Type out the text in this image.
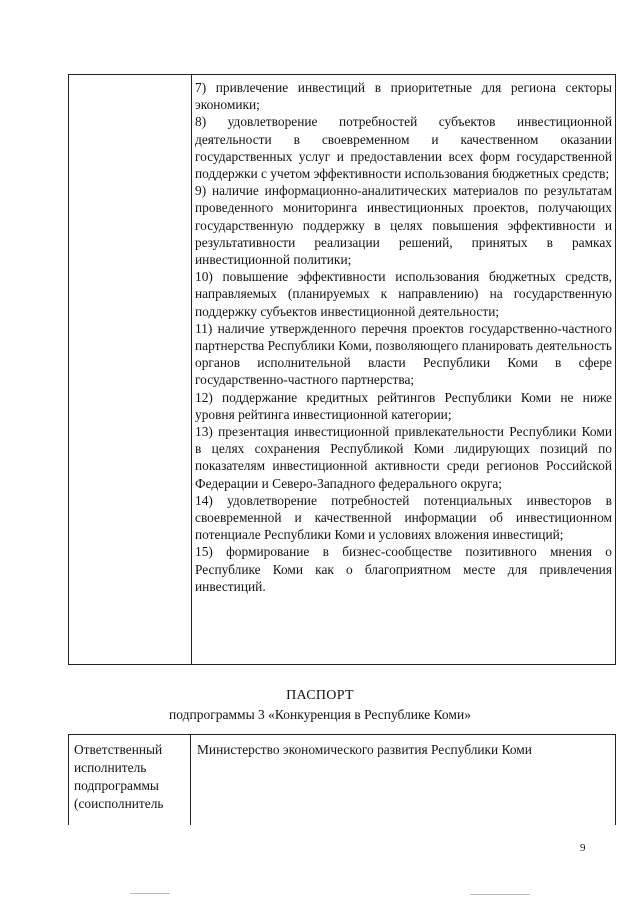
7) привлечение инвестиций в приоритетные для региона секторы экономики;

8) удовлетворение потребностей субъектов инвестиционной деятельности в своевременном и качественном оказании государственных услуг и предоставлении всех форм государственной поддержки с учетом эффективности использования бюджетных средств;

9) наличие информационно-аналитических материалов по результатам проведенного мониторинга инвестиционных проектов, получающих государственную поддержку в целях повышения эффективности и результативности реализации решений, принятых в рамках инвестиционной политики;

10) повышение эффективности использования бюджетных средств, направляемых (планируемых к направлению) на государственную поддержку субъектов инвестиционной деятельности;

11) наличие утвержденного перечня проектов государственно-частного партнерства Республики Коми, позволяющего планировать деятельность органов исполнительной власти Республики Коми в сфере государственно-частного партнерства;

12) поддержание кредитных рейтингов Республики Коми не ниже уровня рейтинга инвестиционной категории;

13) презентация инвестиционной привлекательности Республики Коми в целях сохранения Республикой Коми лидирующих позиций по показателям инвестиционной активности среди регионов Российской Федерации и Северо-Западного федерального округа;

14) удовлетворение потребностей потенциальных инвесторов в своевременной и качественной информации об инвестиционном потенциале Республики Коми и условиях вложения инвестиций;

15) формирование в бизнес-сообществе позитивного мнения о Республике Коми как о благоприятном месте для привлечения инвестиций.

ПАСПОРТ
подпрограммы 3 «Конкуренция в Республике Коми»
Ответственный исполнитель подпрограммы (соисполнитель
Министерство экономического развития Республики Коми
9
